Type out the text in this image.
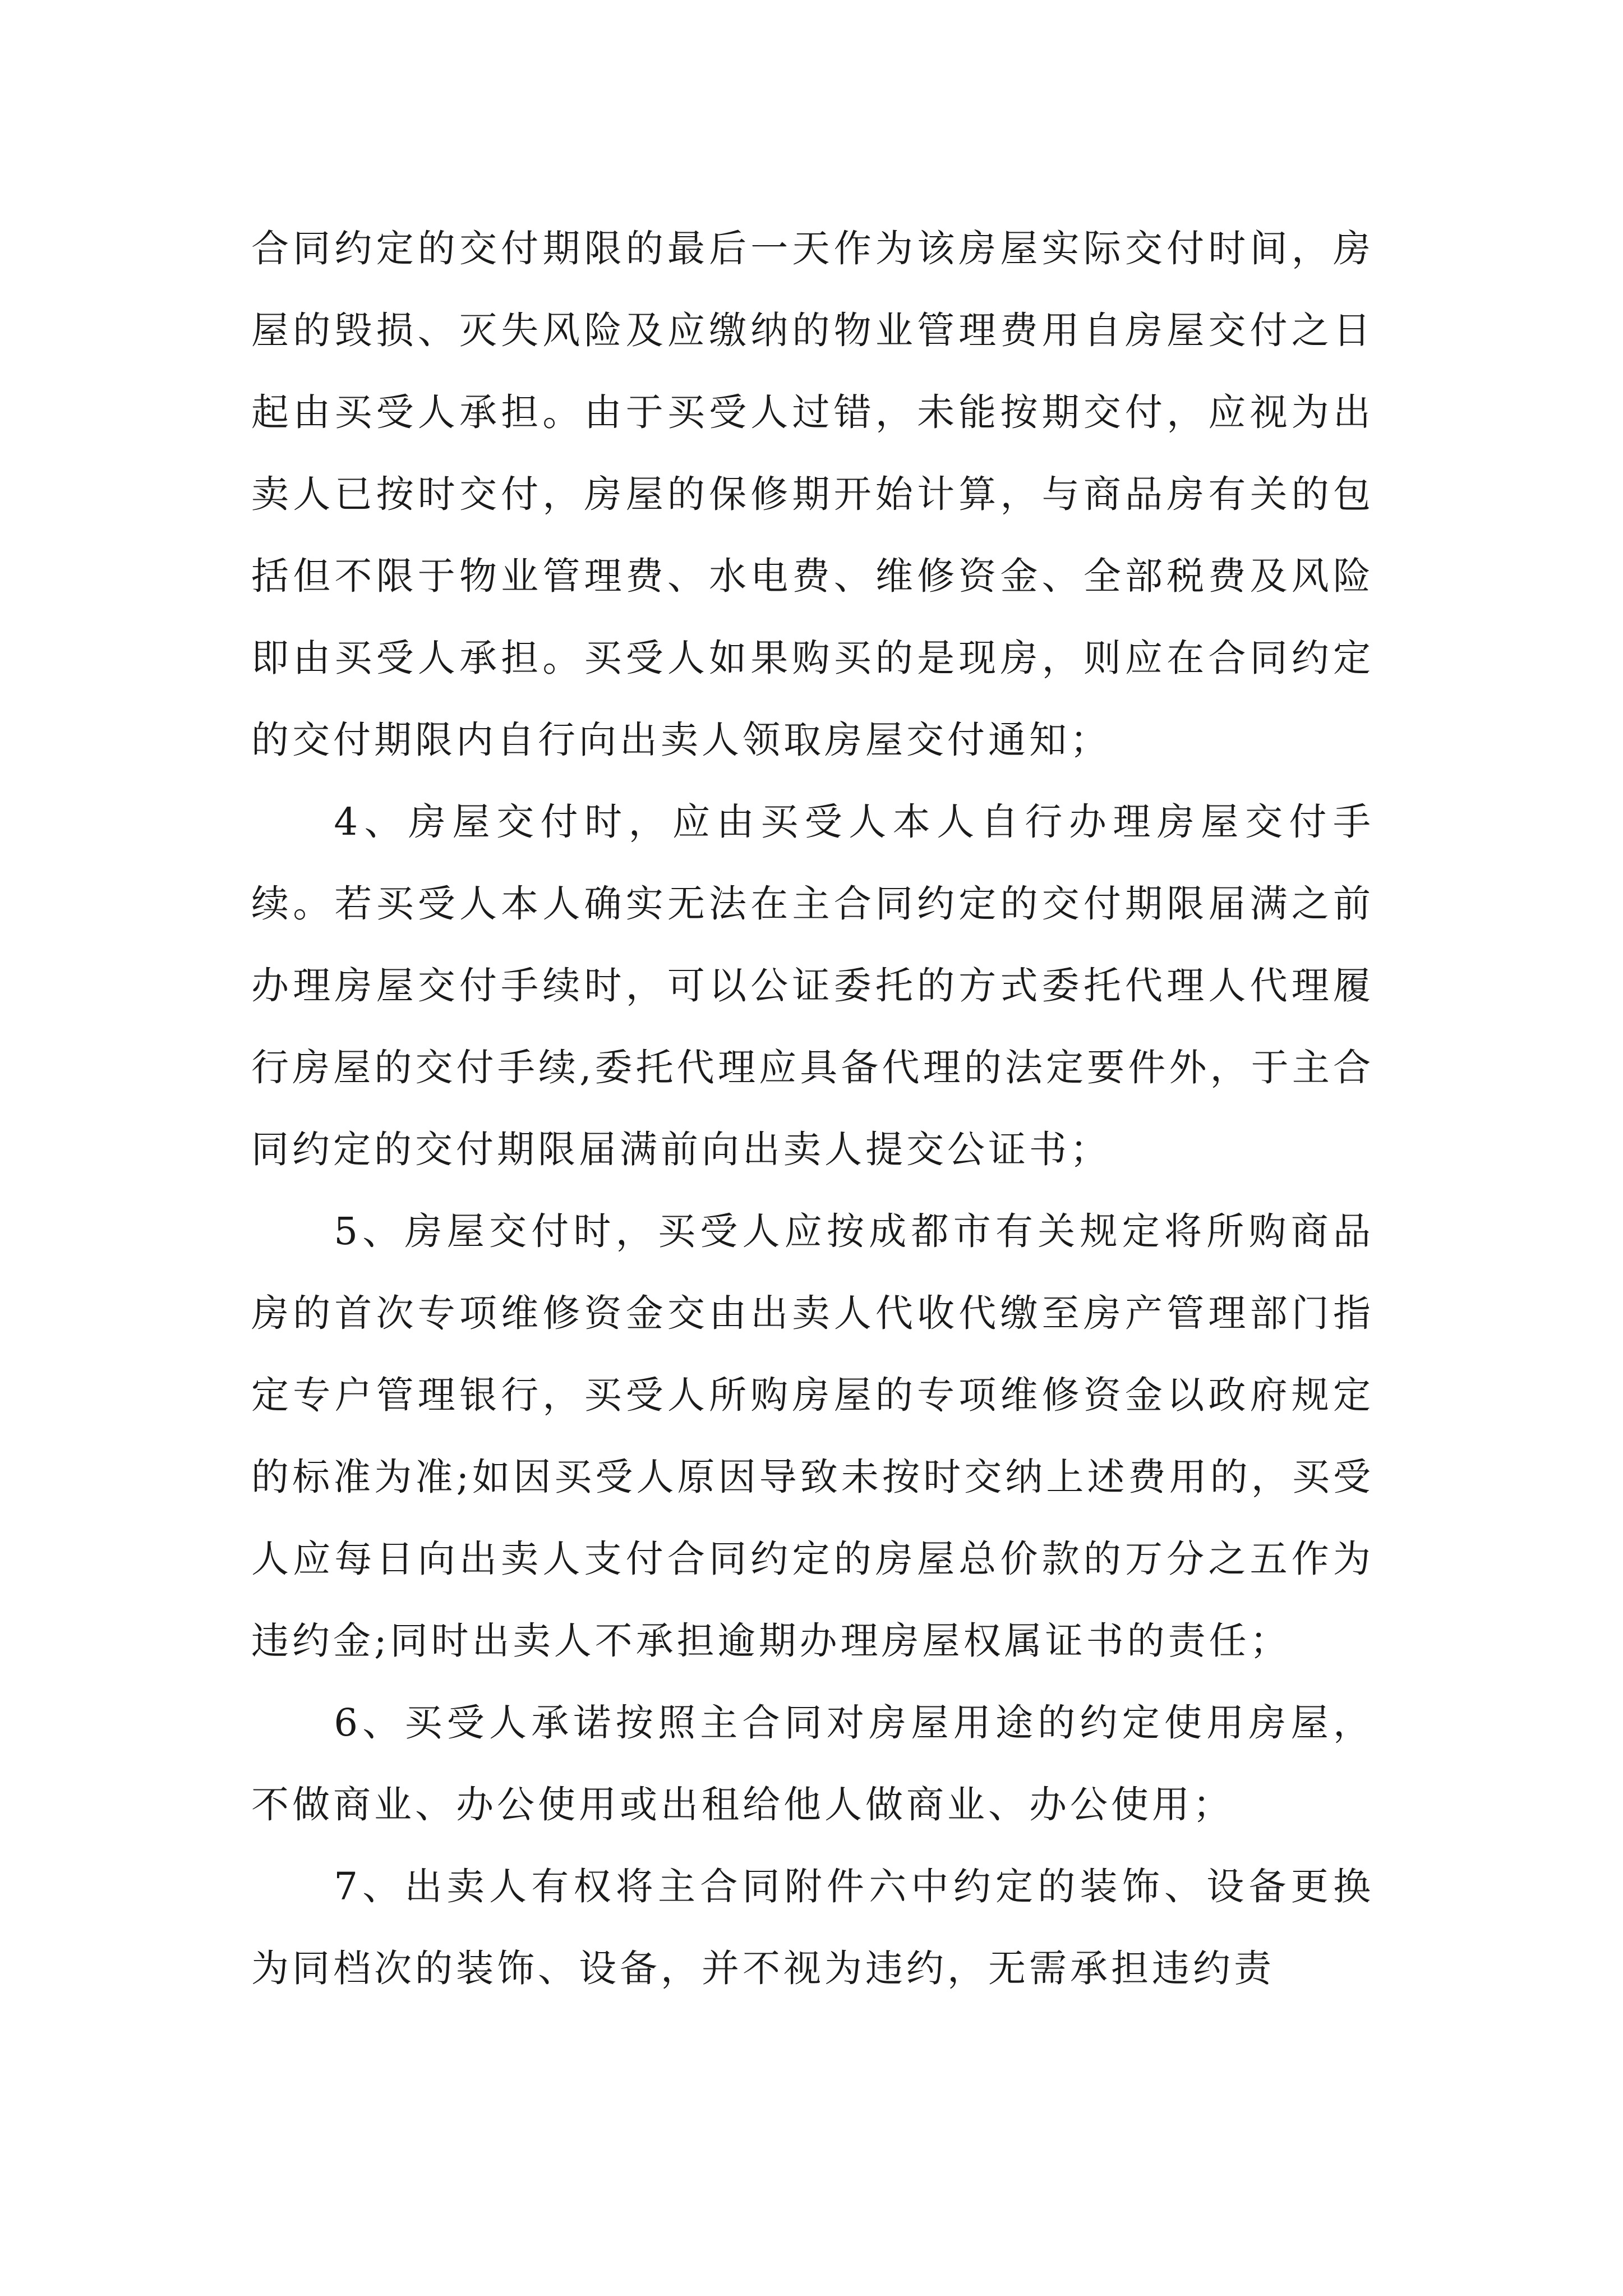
合同约定的交付期限的最后一天作为该房屋实际交付时间，房屋的毁损、灭失风险及应缴纳的物业管理费用自房屋交付之日起由买受人承担。由于买受人过错，未能按期交付，应视为出卖人已按时交付，房屋的保修期开始计算，与商品房有关的包括但不限于物业管理费、水电费、维修资金、全部税费及风险即由买受人承担。买受人如果购买的是现房，则应在合同约定的交付期限内自行向出卖人领取房屋交付通知；

4、房屋交付时，应由买受人本人自行办理房屋交付手续。若买受人本人确实无法在主合同约定的交付期限届满之前办理房屋交付手续时，可以公证委托的方式委托代理人代理履行房屋的交付手续,委托代理应具备代理的法定要件外，于主合同约定的交付期限届满前向出卖人提交公证书；

5、房屋交付时，买受人应按成都市有关规定将所购商品房的首次专项维修资金交由出卖人代收代缴至房产管理部门指定专户管理银行，买受人所购房屋的专项维修资金以政府规定的标准为准;如因买受人原因导致未按时交纳上述费用的，买受人应每日向出卖人支付合同约定的房屋总价款的万分之五作为违约金;同时出卖人不承担逾期办理房屋权属证书的责任；

6、买受人承诺按照主合同对房屋用途的约定使用房屋，不做商业、办公使用或出租给他人做商业、办公使用；

7、出卖人有权将主合同附件六中约定的装饰、设备更换为同档次的装饰、设备，并不视为违约，无需承担违约责
